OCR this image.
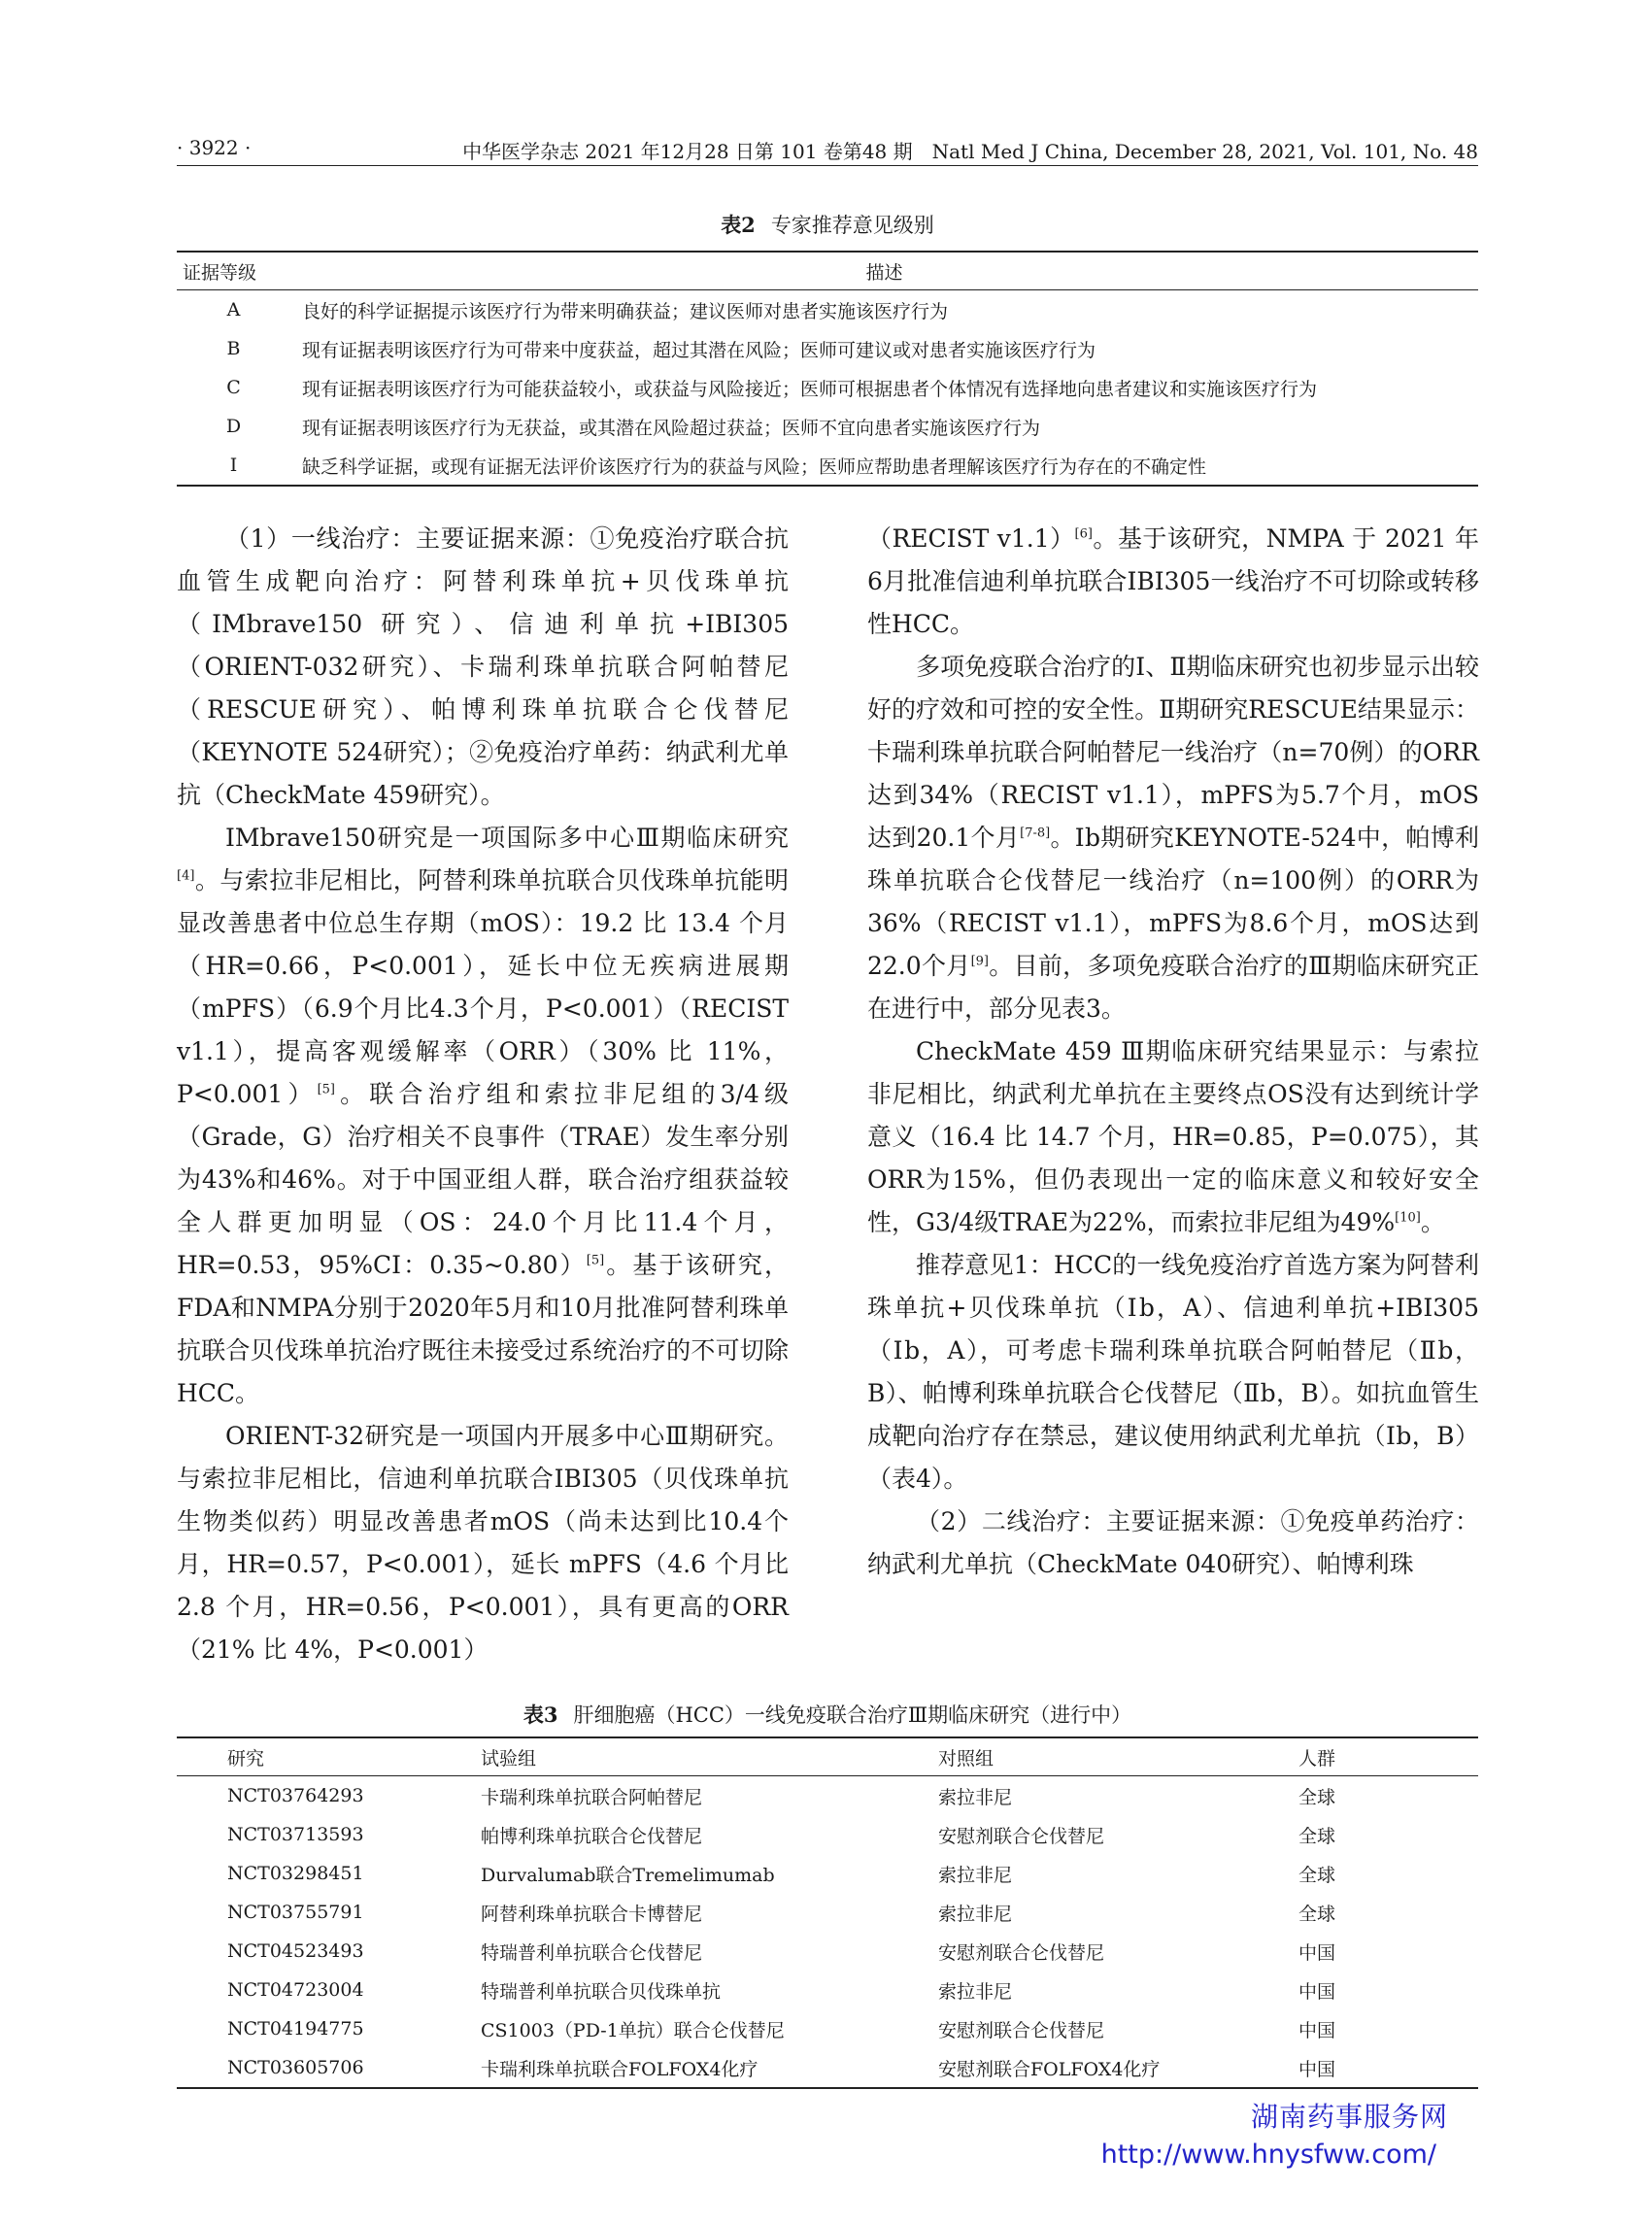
· 3922 ·	中华医学杂志 2021 年12月28 日第 101 卷第48 期　Natl Med J China, December 28, 2021, Vol. 101, No. 48
表2 专家推荐意见级别
证据等级	描述
A	良好的科学证据提示该医疗行为带来明确获益；建议医师对患者实施该医疗行为
B	现有证据表明该医疗行为可带来中度获益，超过其潜在风险；医师可建议或对患者实施该医疗行为
C	现有证据表明该医疗行为可能获益较小，或获益与风险接近；医师可根据患者个体情况有选择地向患者建议和实施该医疗行为
D	现有证据表明该医疗行为无获益，或其潜在风险超过获益；医师不宜向患者实施该医疗行为
I	缺乏科学证据，或现有证据无法评价该医疗行为的获益与风险；医师应帮助患者理解该医疗行为存在的不确定性

（1）一线治疗：主要证据来源：①免疫治疗联合抗血管生成靶向治疗：阿替利珠单抗+贝伐珠单抗（IMbrave150 研究）、信迪利单抗+IBI305（ORIENT-032研究）、卡瑞利珠单抗联合阿帕替尼（RESCUE研究）、帕博利珠单抗联合仑伐替尼（KEYNOTE 524研究）；②免疫治疗单药：纳武利尤单抗（CheckMate 459研究）。

IMbrave150研究是一项国际多中心Ⅲ期临床研究[4]。与索拉非尼相比，阿替利珠单抗联合贝伐珠单抗能明显改善患者中位总生存期（mOS）：19.2 比 13.4 个月（HR=0.66，P<0.001），延长中位无疾病进展期（mPFS）（6.9个月比4.3个月，P<0.001）（RECIST v1.1），提高客观缓解率（ORR）（30% 比 11%，P<0.001）[5]。联合治疗组和索拉非尼组的3/4级（Grade，G）治疗相关不良事件（TRAE）发生率分别为43%和46%。对于中国亚组人群，联合治疗组获益较全人群更加明显（OS：24.0个月比11.4个月，HR=0.53，95%CI：0.35~0.80）[5]。基于该研究，FDA和NMPA分别于2020年5月和10月批准阿替利珠单抗联合贝伐珠单抗治疗既往未接受过系统治疗的不可切除HCC。

ORIENT-32研究是一项国内开展多中心Ⅲ期研究。与索拉非尼相比，信迪利单抗联合IBI305（贝伐珠单抗生物类似药）明显改善患者mOS（尚未达到比10.4个月，HR=0.57，P<0.001），延长 mPFS（4.6 个月比 2.8 个月，HR=0.56，P<0.001），具有更高的ORR（21% 比 4%，P<0.001）

（RECIST v1.1）[6]。基于该研究，NMPA 于 2021 年6月批准信迪利单抗联合IBI305一线治疗不可切除或转移性HCC。

多项免疫联合治疗的Ⅰ、Ⅱ期临床研究也初步显示出较好的疗效和可控的安全性。Ⅱ期研究RESCUE结果显示：卡瑞利珠单抗联合阿帕替尼一线治疗（n=70例）的ORR达到34%（RECIST v1.1），mPFS为5.7个月，mOS达到20.1个月[7-8]。Ⅰb期研究KEYNOTE-524中，帕博利珠单抗联合仑伐替尼一线治疗（n=100例）的ORR为36%（RECIST v1.1），mPFS为8.6个月，mOS达到22.0个月[9]。目前，多项免疫联合治疗的Ⅲ期临床研究正在进行中，部分见表3。

CheckMate 459 Ⅲ期临床研究结果显示：与索拉非尼相比，纳武利尤单抗在主要终点OS没有达到统计学意义（16.4 比 14.7 个月，HR=0.85，P=0.075），其ORR为15%，但仍表现出一定的临床意义和较好安全性，G3/4级TRAE为22%，而索拉非尼组为49%[10]。

推荐意见1：HCC的一线免疫治疗首选方案为阿替利珠单抗+贝伐珠单抗（Ⅰb，A）、信迪利单抗+IBI305（Ⅰb，A），可考虑卡瑞利珠单抗联合阿帕替尼（Ⅱb，B）、帕博利珠单抗联合仑伐替尼（Ⅱb，B）。如抗血管生成靶向治疗存在禁忌，建议使用纳武利尤单抗（Ⅰb，B）（表4）。

（2）二线治疗：主要证据来源：①免疫单药治疗：纳武利尤单抗（CheckMate 040研究）、帕博利珠

表3 肝细胞癌（HCC）一线免疫联合治疗Ⅲ期临床研究（进行中）
研究	试验组	对照组	人群
NCT03764293	卡瑞利珠单抗联合阿帕替尼	索拉非尼	全球
NCT03713593	帕博利珠单抗联合仑伐替尼	安慰剂联合仑伐替尼	全球
NCT03298451	Durvalumab联合Tremelimumab	索拉非尼	全球
NCT03755791	阿替利珠单抗联合卡博替尼	索拉非尼	全球
NCT04523493	特瑞普利单抗联合仑伐替尼	安慰剂联合仑伐替尼	中国
NCT04723004	特瑞普利单抗联合贝伐珠单抗	索拉非尼	中国
NCT04194775	CS1003（PD-1单抗）联合仑伐替尼	安慰剂联合仑伐替尼	中国
NCT03605706	卡瑞利珠单抗联合FOLFOX4化疗	安慰剂联合FOLFOX4化疗	中国
湖南药事服务网
http://www.hnysfww.com/
